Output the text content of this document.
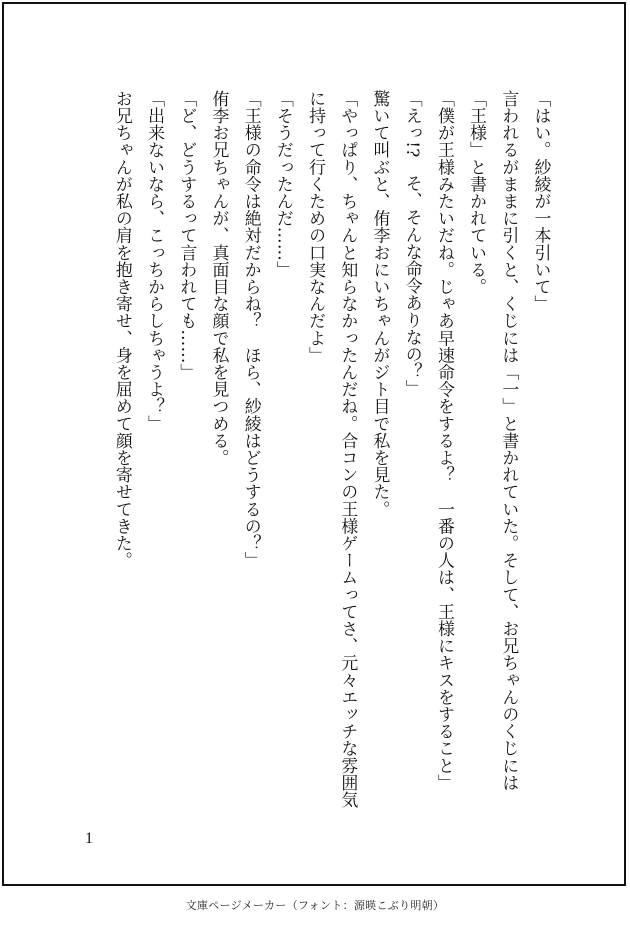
「はい。紗綾が一本引いて」

言われるがままに引くと、くじには「一」と書かれていた。そして、お兄ちゃんのくじには「王様」と書かれている。

「僕が王様みたいだね。じゃあ早速命令をするよ？　一番の人は、王様にキスをすること」

「えっ!?　そ、そんな命令ありなの？」

驚いて叫ぶと、侑李おにいちゃんがジト目で私を見た。

「やっぱり、ちゃんと知らなかったんだね。合コンの王様ゲームってさ、元々エッチな雰囲気に持って行くための口実なんだよ」

「そうだったんだ……」

「王様の命令は絶対だからね？　ほら、紗綾はどうするの？」

侑李お兄ちゃんが、真面目な顔で私を見つめる。

「ど、どうするって言われても……」

「出来ないなら、こっちからしちゃうよ？」

お兄ちゃんが私の肩を抱き寄せ、身を屈めて顔を寄せてきた。

1
文庫ページメーカー（フォント：源暎こぶり明朝）
